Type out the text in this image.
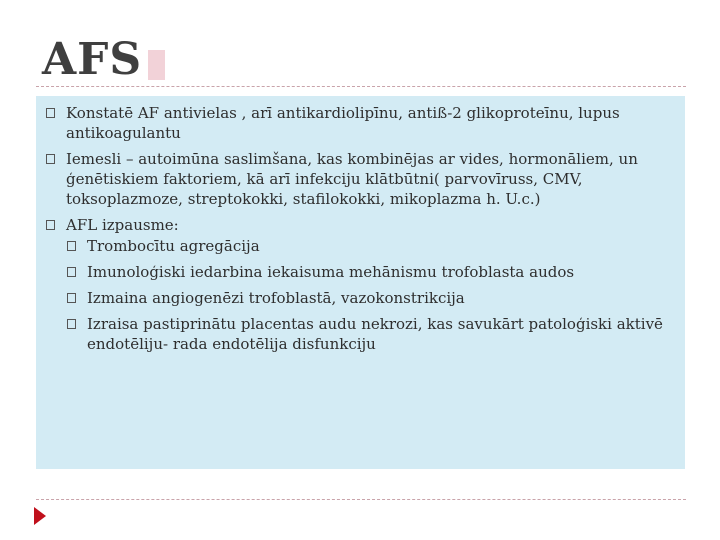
AFS
Konstatē AF antivielas , arī antikardiolipīnu, antiß-2 glikoproteīnu, lupus antikoagulantu
Iemesli – autoimūna saslimšana, kas kombinējas ar vides, hormonāliem, un ģenētiskiem faktoriem, kā arī infekciju klātbūtni( parvovīruss, CMV, toksoplazmoze, streptokokki, stafilokokki, mikoplazma h. U.c.)
AFL izpausme:
Trombocītu agregācija
Imunoloģiski iedarbina iekaisuma mehānismu trofoblasta audos
Izmaina angiogenēzi trofoblastā, vazokonstrikcija
Izraisa pastiprinātu placentas audu nekrozi, kas savukārt patoloģiski aktivē endotēliju- rada endotēlija disfunkciju
